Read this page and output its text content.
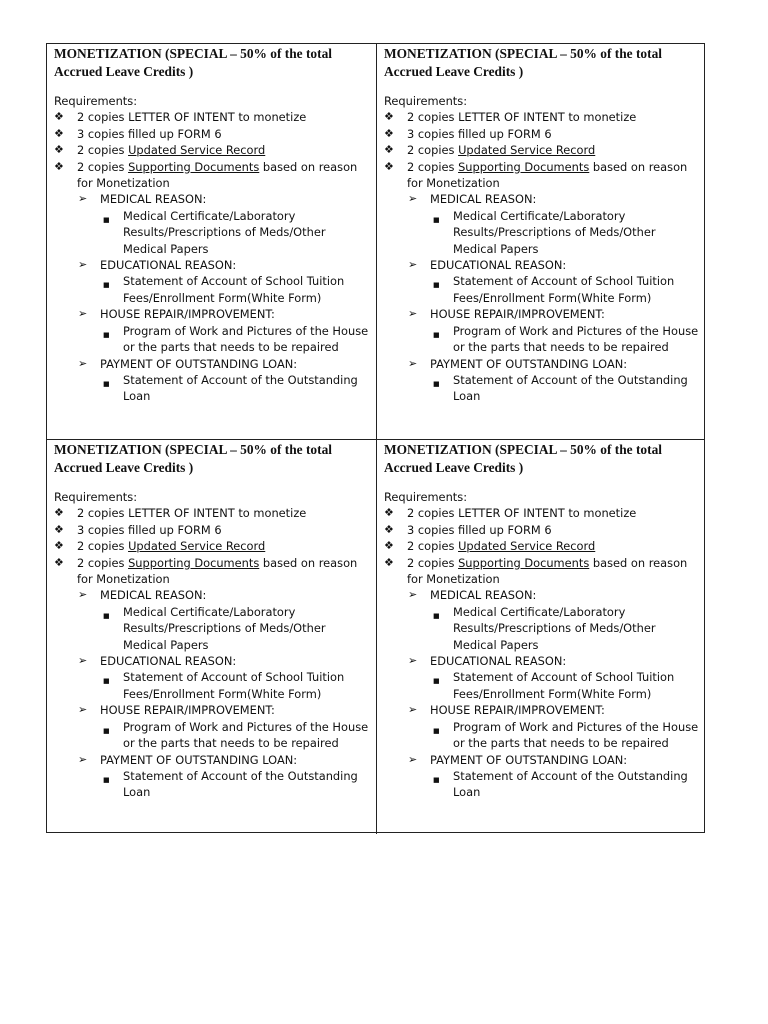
MONETIZATION (SPECIAL – 50% of the total Accrued Leave Credits )

Requirements:

❖ 2 copies LETTER OF INTENT to monetize

❖ 3 copies filled up FORM 6

❖ 2 copies Updated Service Record

❖ 2 copies Supporting Documents based on reason for Monetization

➢ MEDICAL REASON:

■ Medical Certificate/Laboratory Results/Prescriptions of Meds/Other Medical Papers

➢ EDUCATIONAL REASON:

■ Statement of Account of School Tuition Fees/Enrollment Form(White Form)

➢ HOUSE REPAIR/IMPROVEMENT:

■ Program of Work and Pictures of the House or the parts that needs to be repaired

➢ PAYMENT OF OUTSTANDING LOAN:

■ Statement of Account of the Outstanding Loan

MONETIZATION (SPECIAL – 50% of the total Accrued Leave Credits )

Requirements:

❖ 2 copies LETTER OF INTENT to monetize

❖ 3 copies filled up FORM 6

❖ 2 copies Updated Service Record

❖ 2 copies Supporting Documents based on reason for Monetization

➢ MEDICAL REASON:

■ Medical Certificate/Laboratory Results/Prescriptions of Meds/Other Medical Papers

➢ EDUCATIONAL REASON:

■ Statement of Account of School Tuition Fees/Enrollment Form(White Form)

➢ HOUSE REPAIR/IMPROVEMENT:

■ Program of Work and Pictures of the House or the parts that needs to be repaired

➢ PAYMENT OF OUTSTANDING LOAN:

■ Statement of Account of the Outstanding Loan

MONETIZATION (SPECIAL – 50% of the total Accrued Leave Credits )

Requirements:

❖ 2 copies LETTER OF INTENT to monetize

❖ 3 copies filled up FORM 6

❖ 2 copies Updated Service Record

❖ 2 copies Supporting Documents based on reason for Monetization

➢ MEDICAL REASON:

■ Medical Certificate/Laboratory Results/Prescriptions of Meds/Other Medical Papers

➢ EDUCATIONAL REASON:

■ Statement of Account of School Tuition Fees/Enrollment Form(White Form)

➢ HOUSE REPAIR/IMPROVEMENT:

■ Program of Work and Pictures of the House or the parts that needs to be repaired

➢ PAYMENT OF OUTSTANDING LOAN:

■ Statement of Account of the Outstanding Loan

MONETIZATION (SPECIAL – 50% of the total Accrued Leave Credits )

Requirements:

❖ 2 copies LETTER OF INTENT to monetize

❖ 3 copies filled up FORM 6

❖ 2 copies Updated Service Record

❖ 2 copies Supporting Documents based on reason for Monetization

➢ MEDICAL REASON:

■ Medical Certificate/Laboratory Results/Prescriptions of Meds/Other Medical Papers

➢ EDUCATIONAL REASON:

■ Statement of Account of School Tuition Fees/Enrollment Form(White Form)

➢ HOUSE REPAIR/IMPROVEMENT:

■ Program of Work and Pictures of the House or the parts that needs to be repaired

➢ PAYMENT OF OUTSTANDING LOAN:

■ Statement of Account of the Outstanding Loan
